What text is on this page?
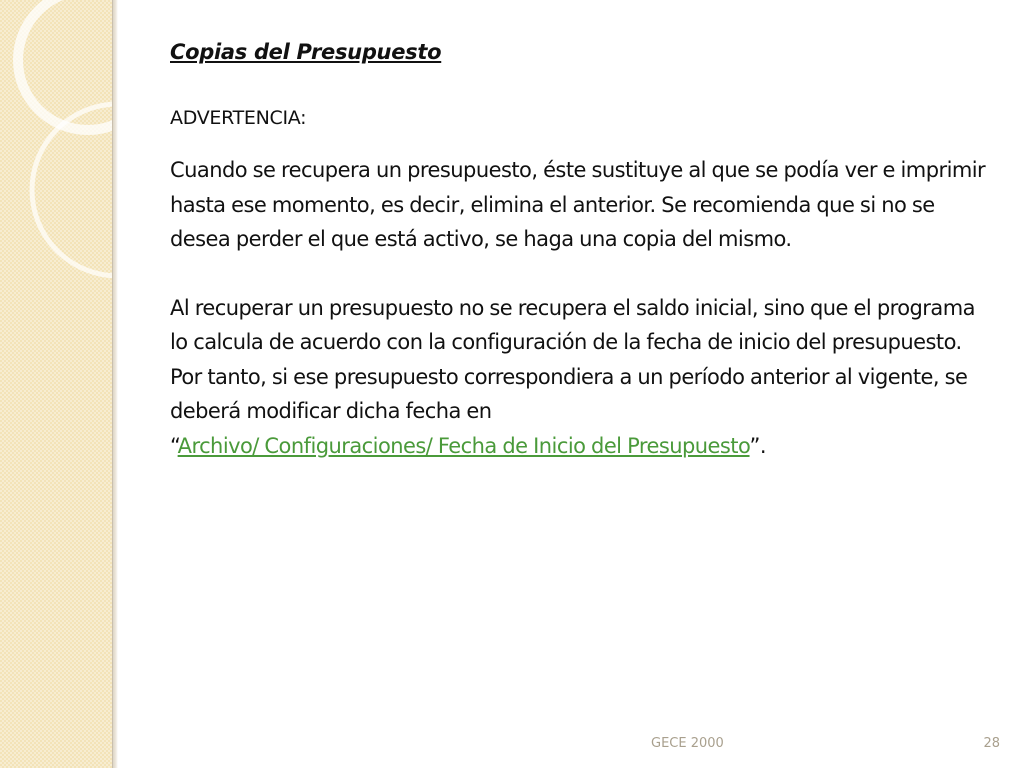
Copias del Presupuesto
ADVERTENCIA:

Cuando se recupera un presupuesto, éste sustituye al que se podía ver e imprimir hasta ese momento, es decir, elimina el anterior. Se recomienda que si no se desea perder el que está activo, se haga una copia del mismo.

Al recuperar un presupuesto no se recupera el saldo inicial, sino que el programa lo calcula de acuerdo con la configuración de la fecha de inicio del presupuesto. Por tanto, si ese presupuesto correspondiera a un período anterior al vigente, se deberá modificar dicha fecha en
“Archivo/ Configuraciones/ Fecha de Inicio del Presupuesto”.

GECE 2000	28
